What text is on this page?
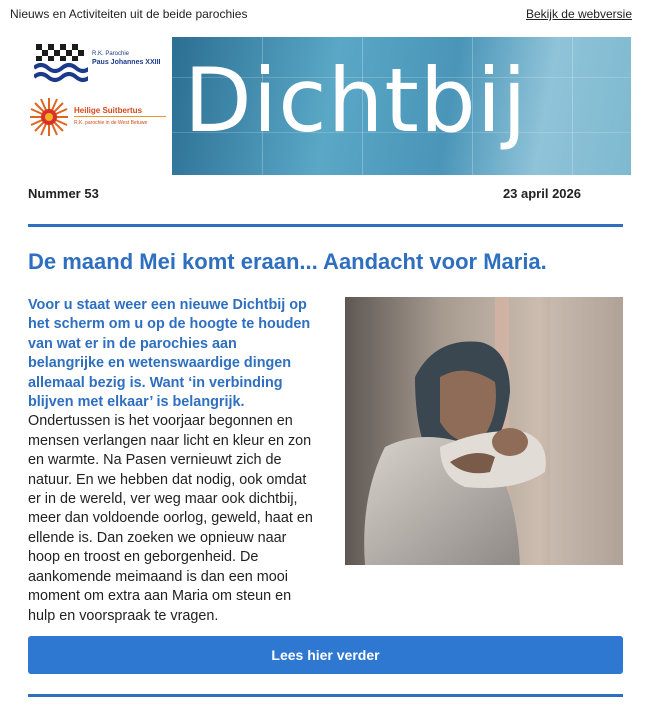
Nieuws en Activiteiten uit de beide parochies	Bekijk de webversie
R.K. Parochie
Paus Johannes XXIII
Heilige Suitbertus
R.K. parochie in de West Betuwe Dichtbij
Nummer 53	23 april 2026
De maand Mei komt eraan... Aandacht voor Maria.
Voor u staat weer een nieuwe Dichtbij op het scherm om u op de hoogte te houden van wat er in de parochies aan belangrijke en wetenswaardige dingen allemaal bezig is. Want ‘in verbinding blijven met elkaar’ is belangrijk. Ondertussen is het voorjaar begonnen en mensen verlangen naar licht en kleur en zon en warmte. Na Pasen vernieuwt zich de natuur. En we hebben dat nodig, ook omdat er in de wereld, ver weg maar ook dichtbij, meer dan voldoende oorlog, geweld, haat en ellende is. Dan zoeken we opnieuw naar hoop en troost en geborgenheid. De aankomende meimaand is dan een mooi moment om extra aan Maria om steun en hulp en voorspraak te vragen.
Lees hier verder
